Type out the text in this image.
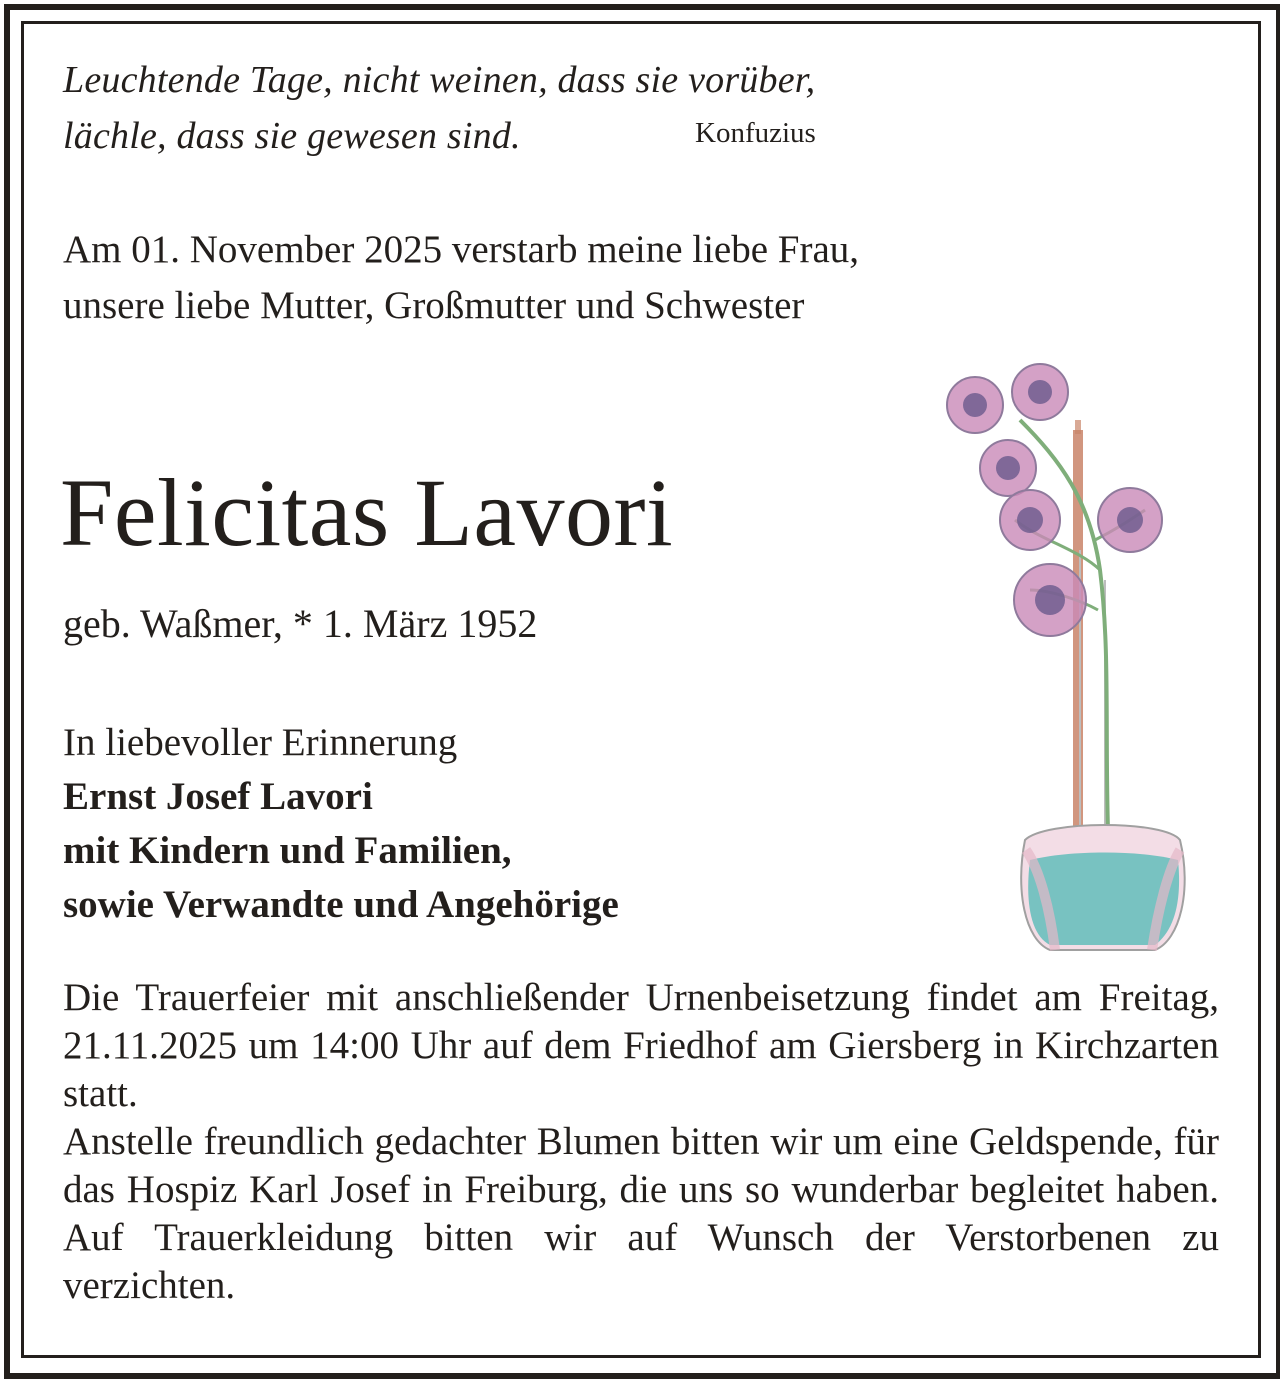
Leuchtende Tage, nicht weinen, dass sie vorüber,
lächle, dass sie gewesen sind.	Konfuzius
Am 01. November 2025 verstarb meine liebe Frau,
unsere liebe Mutter, Großmutter und Schwester
Felicitas Lavori
geb. Waßmer, * 1. März 1952
In liebevoller Erinnerung
Ernst Josef Lavori
mit Kindern und Familien,
sowie Verwandte und Angehörige

Die Trauerfeier mit anschließender Urnenbeisetzung findet am Freitag, 21.11.2025 um 14:00 Uhr auf dem Friedhof am Giersberg in Kirchzarten statt.

Anstelle freundlich gedachter Blumen bitten wir um eine Geldspende, für das Hospiz Karl Josef in Freiburg, die uns so wunderbar begleitet haben. Auf Trauerkleidung bitten wir auf Wunsch der Verstorbenen zu verzichten.
